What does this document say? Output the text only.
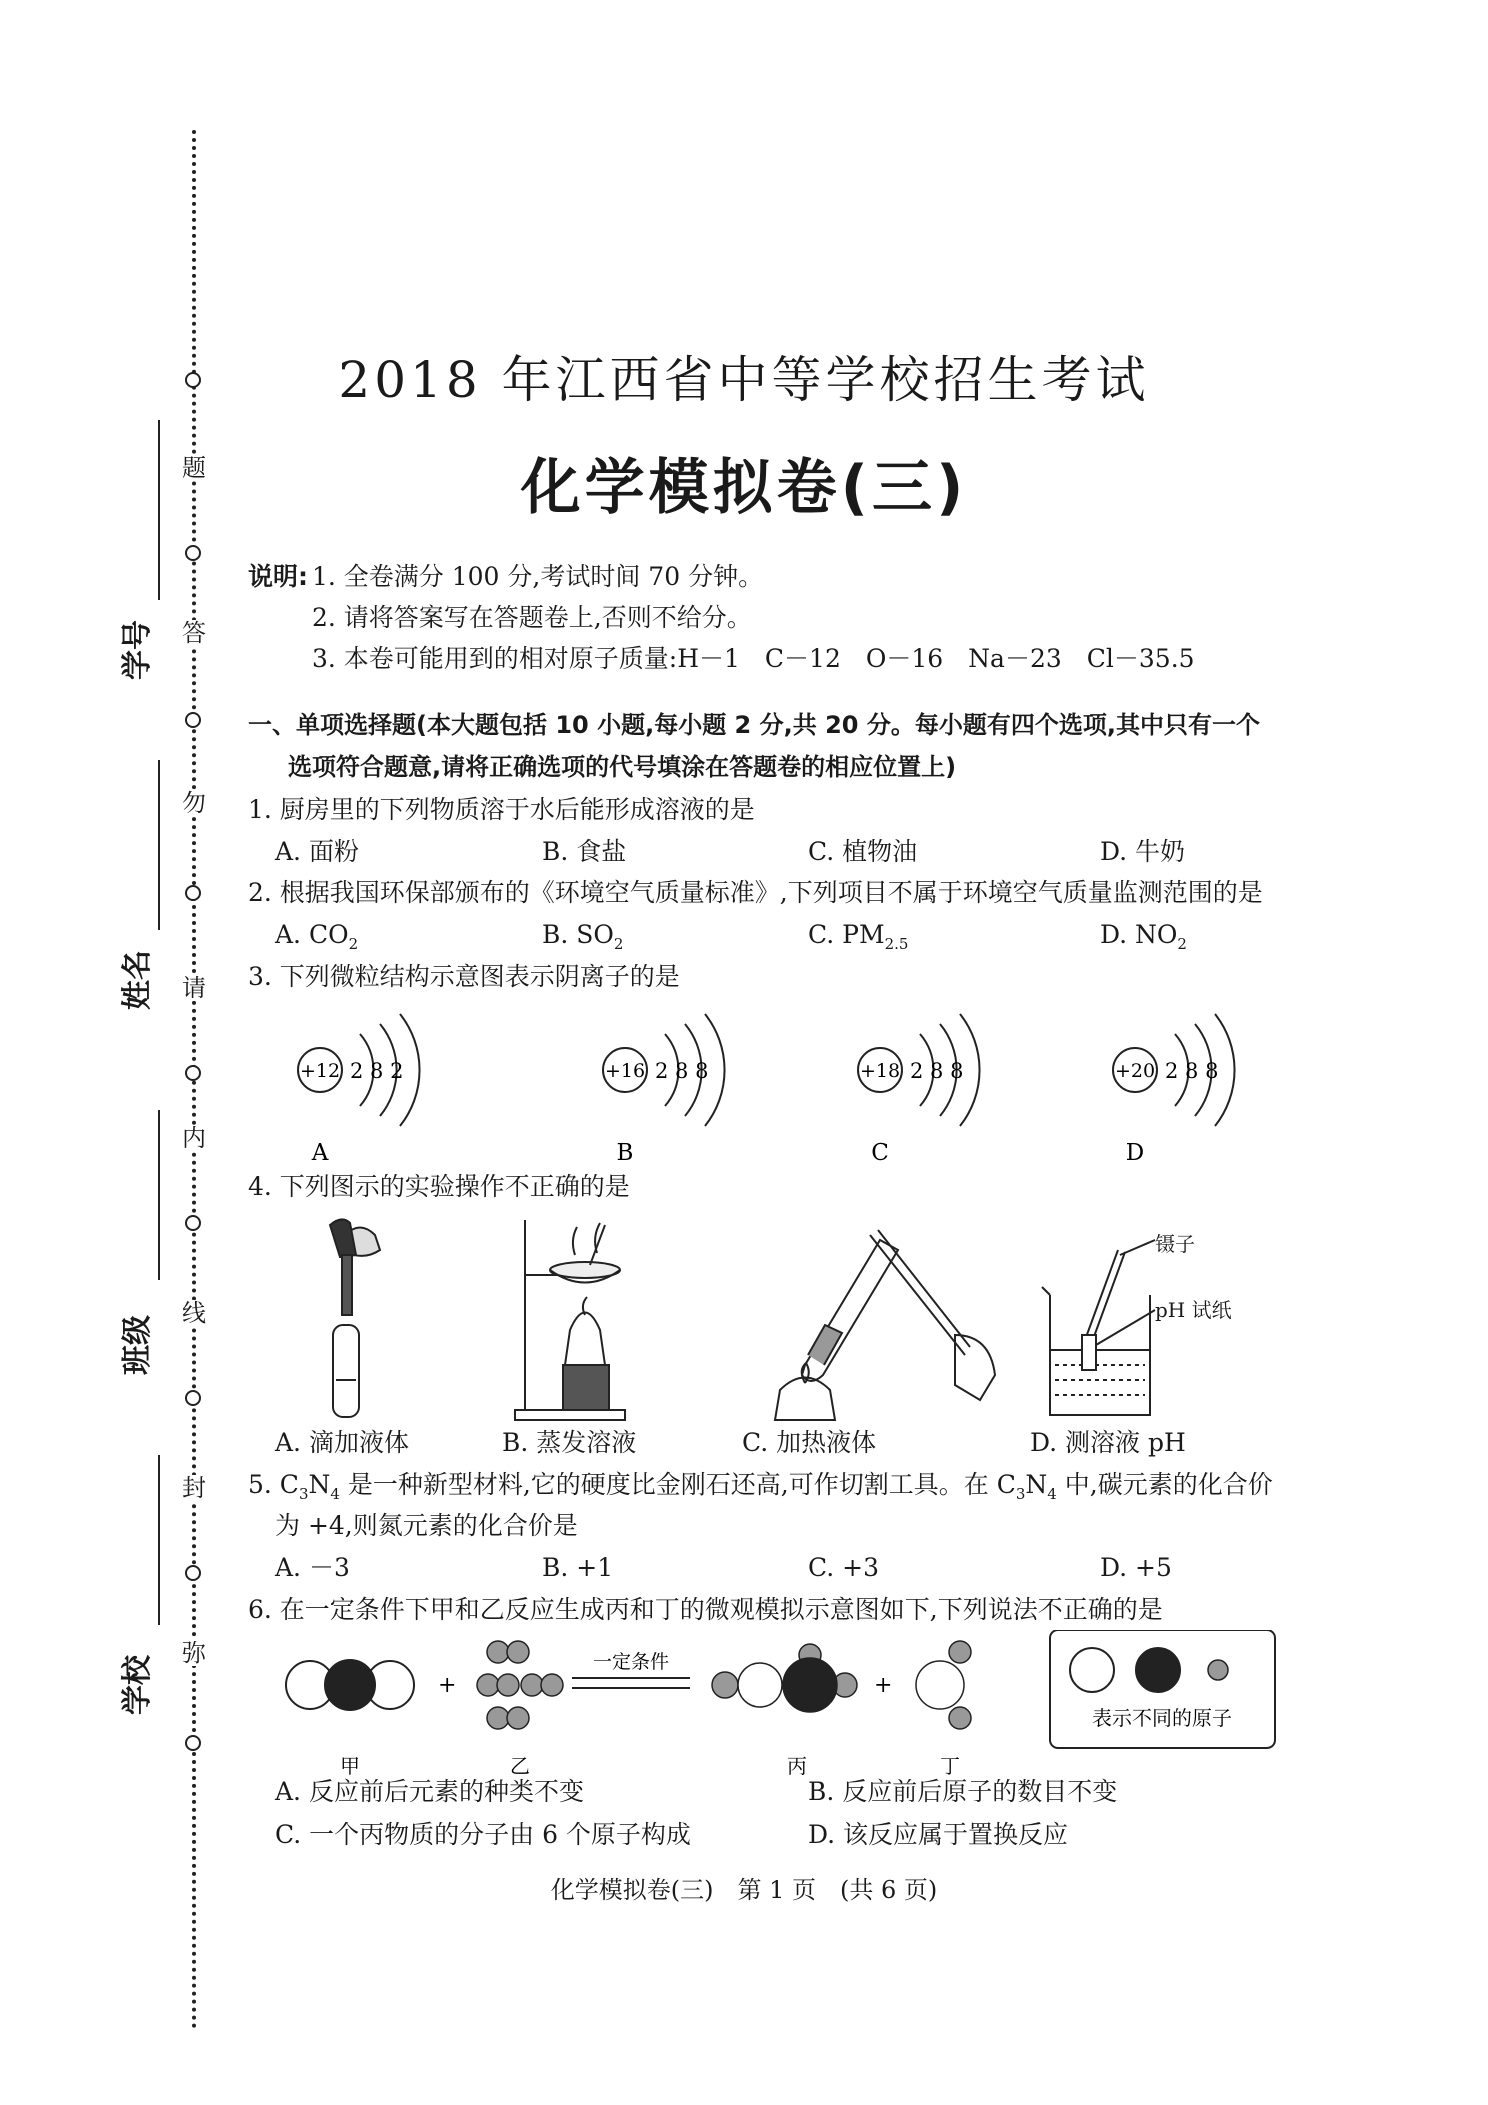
题
答
勿
请
内
线
封
弥
学号
姓名
班级
学校
2018 年江西省中等学校招生考试
化学模拟卷(三)
说明: 1. 全卷满分 100 分,考试时间 70 分钟。
2. 请将答案写在答题卷上,否则不给分。
3. 本卷可能用到的相对原子质量:H－1　C－12　O－16　Na－23　Cl－35.5
一、单项选择题(本大题包括 10 小题,每小题 2 分,共 20 分。每小题有四个选项,其中只有一个
选项符合题意,请将正确选项的代号填涂在答题卷的相应位置上)
1. 厨房里的下列物质溶于水后能形成溶液的是
A. 面粉	B. 食盐	C. 植物油	D. 牛奶
2. 根据我国环保部颁布的《环境空气质量标准》,下列项目不属于环境空气质量监测范围的是
A. $CO_2$	B. $SO_2$	C. $PM_{2.5}$	D. $NO_2$
3. 下列微粒结构示意图表示阴离子的是
+12 2 8 2
A
+16 2 8 8
B
+18 2 8 8
C
+20 2 8 8
D
4. 下列图示的实验操作不正确的是
镊子
pH 试纸
A. 滴加液体	B. 蒸发溶液	C. 加热液体	D. 测溶液 pH
5. $C_3N_4$ 是一种新型材料,它的硬度比金刚石还高,可作切割工具。在 $C_3N_4$ 中,碳元素的化合价
为 +4,则氮元素的化合价是
A. －3	B. +1	C. +3	D. +5
6. 在一定条件下甲和乙反应生成丙和丁的微观模拟示意图如下,下列说法不正确的是
+
一定条件
+
表示不同的原子
甲	乙	丙	丁
A. 反应前后元素的种类不变	B. 反应前后原子的数目不变
C. 一个丙物质的分子由 6 个原子构成	D. 该反应属于置换反应
化学模拟卷(三)　第 1 页　(共 6 页)
